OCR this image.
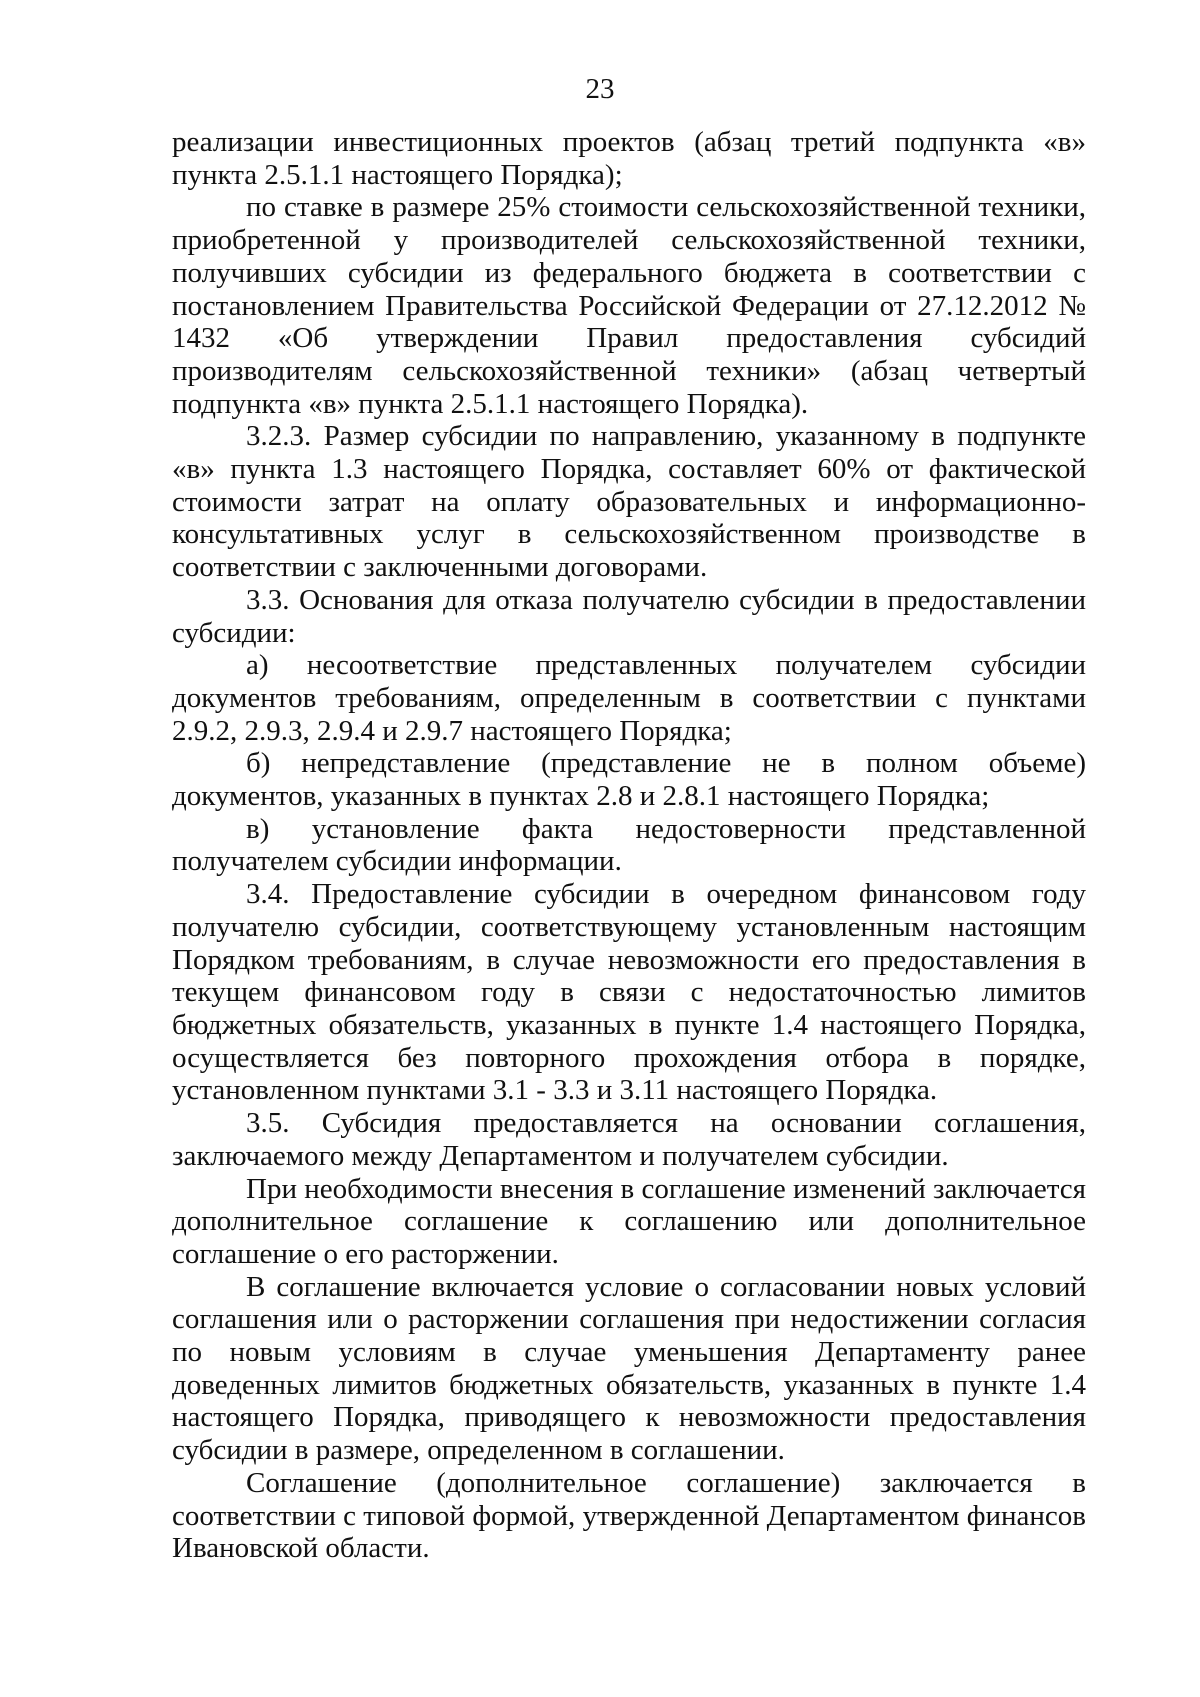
23

реализации инвестиционных проектов (абзац третий подпункта «в» пункта 2.5.1.1 настоящего Порядка);

по ставке в размере 25% стоимости сельскохозяйственной техники, приобретенной у производителей сельскохозяйственной техники, получивших субсидии из федерального бюджета в соответствии с постановлением Правительства Российской Федерации от 27.12.2012 № 1432 «Об утверждении Правил предоставления субсидий производителям сельскохозяйственной техники» (абзац четвертый подпункта «в» пункта 2.5.1.1 настоящего Порядка).

3.2.3. Размер субсидии по направлению, указанному в подпункте «в» пункта 1.3 настоящего Порядка, составляет 60% от фактической стоимости затрат на оплату образовательных и информационно-консультативных услуг в сельскохозяйственном производстве в соответствии с заключенными договорами.

3.3. Основания для отказа получателю субсидии в предоставлении субсидии:

а) несоответствие представленных получателем субсидии документов требованиям, определенным в соответствии с пунктами 2.9.2, 2.9.3, 2.9.4 и 2.9.7 настоящего Порядка;

б) непредставление (представление не в полном объеме) документов, указанных в пунктах 2.8 и 2.8.1 настоящего Порядка;

в) установление факта недостоверности представленной получателем субсидии информации.

3.4. Предоставление субсидии в очередном финансовом году получателю субсидии, соответствующему установленным настоящим Порядком требованиям, в случае невозможности его предоставления в текущем финансовом году в связи с недостаточностью лимитов бюджетных обязательств, указанных в пункте 1.4 настоящего Порядка, осуществляется без повторного прохождения отбора в порядке, установленном пунктами 3.1 - 3.3 и 3.11 настоящего Порядка.

3.5. Субсидия предоставляется на основании соглашения, заключаемого между Департаментом и получателем субсидии.

При необходимости внесения в соглашение изменений заключается дополнительное соглашение к соглашению или дополнительное соглашение о его расторжении.

В соглашение включается условие о согласовании новых условий соглашения или о расторжении соглашения при недостижении согласия по новым условиям в случае уменьшения Департаменту ранее доведенных лимитов бюджетных обязательств, указанных в пункте 1.4 настоящего Порядка, приводящего к невозможности предоставления субсидии в размере, определенном в соглашении.

Соглашение (дополнительное соглашение) заключается в соответствии с типовой формой, утвержденной Департаментом финансов Ивановской области.
